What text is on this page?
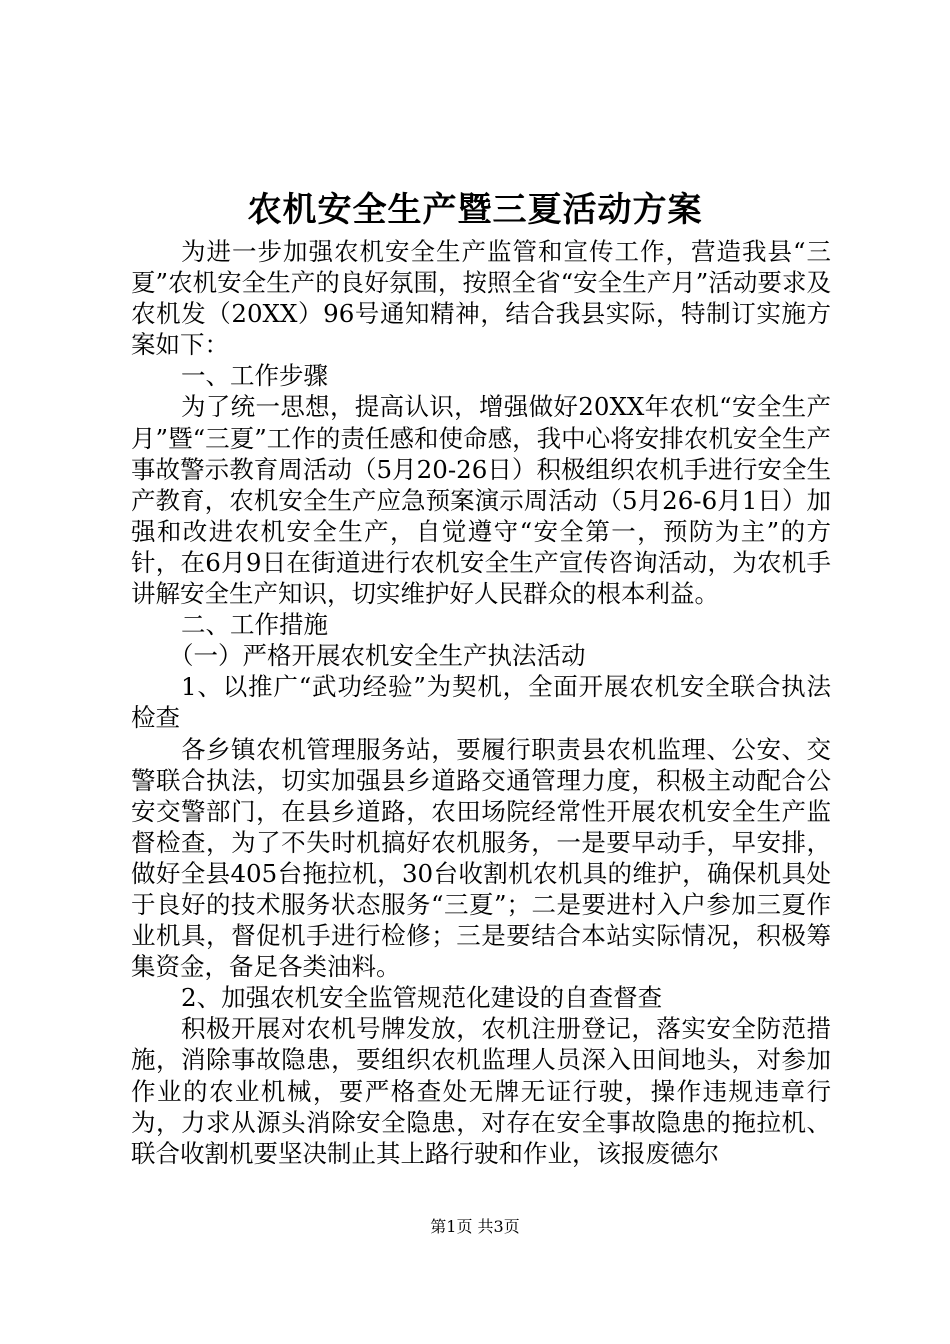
农机安全生产暨三夏活动方案

为进一步加强农机安全生产监管和宣传工作，营造我县“三夏”农机安全生产的良好氛围，按照全省“安全生产月”活动要求及农机发（20XX）96号通知精神，结合我县实际，特制订实施方案如下：

一、工作步骤

为了统一思想，提高认识，增强做好20XX年农机“安全生产月”暨“三夏”工作的责任感和使命感，我中心将安排农机安全生产事故警示教育周活动（5月20-26日）积极组织农机手进行安全生产教育，农机安全生产应急预案演示周活动（5月26-6月1日）加强和改进农机安全生产，自觉遵守“安全第一，预防为主”的方针，在6月9日在街道进行农机安全生产宣传咨询活动，为农机手讲解安全生产知识，切实维护好人民群众的根本利益。

二、工作措施

（一）严格开展农机安全生产执法活动

1、以推广“武功经验”为契机，全面开展农机安全联合执法检查

各乡镇农机管理服务站，要履行职责县农机监理、公安、交警联合执法，切实加强县乡道路交通管理力度，积极主动配合公安交警部门，在县乡道路，农田场院经常性开展农机安全生产监督检查，为了不失时机搞好农机服务，一是要早动手，早安排，做好全县405台拖拉机，30台收割机农机具的维护，确保机具处于良好的技术服务状态服务“三夏”；二是要进村入户参加三夏作业机具，督促机手进行检修；三是要结合本站实际情况，积极筹集资金，备足各类油料。

2、加强农机安全监管规范化建设的自查督查

积极开展对农机号牌发放，农机注册登记，落实安全防范措施，消除事故隐患，要组织农机监理人员深入田间地头，对参加作业的农业机械，要严格查处无牌无证行驶，操作违规违章行为，力求从源头消除安全隐患，对存在安全事故隐患的拖拉机、联合收割机要坚决制止其上路行驶和作业，该报废德尔

第1页 共3页
